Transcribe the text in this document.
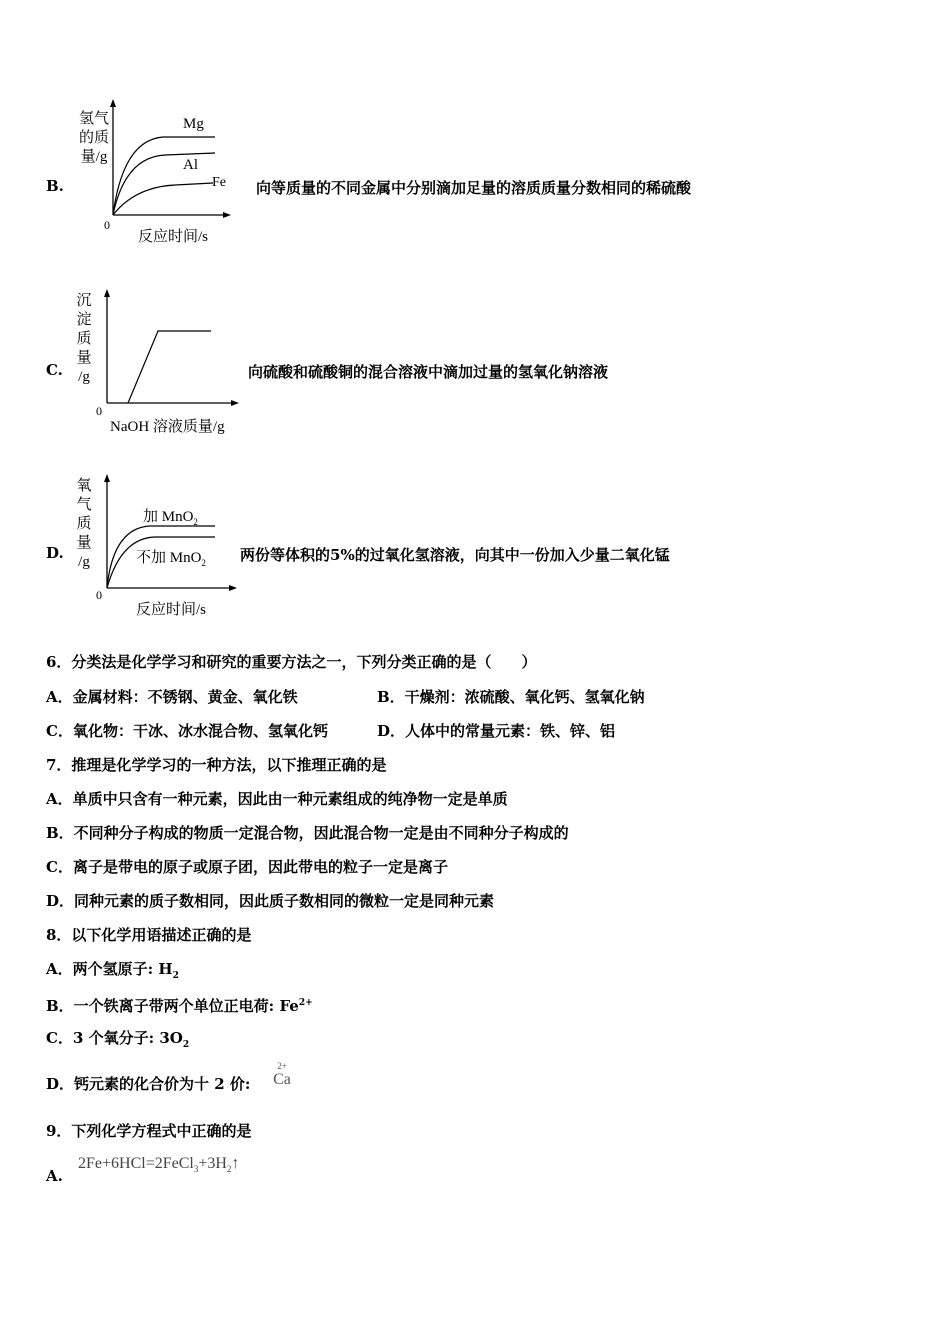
B.
氢气
的质
量/g
0
Mg
Al
Fe
反应时间/s
向等质量的不同金属中分别滴加足量的溶质质量分数相同的稀硫酸
C.
沉
淀
质
量
/g
0
NaOH 溶液质量/g
向硫酸和硫酸铜的混合溶液中滴加过量的氢氧化钠溶液
D.
氧
气
质
量
/g
0
加 MnO$_2$
不加 MnO$_2$
反应时间/s
两份等体积的5%的过氧化氢溶液，向其中一份加入少量二氧化锰
6．分类法是化学学习和研究的重要方法之一，下列分类正确的是（　　）
A．金属材料：不锈钢、黄金、氧化铁	B．干燥剂：浓硫酸、氧化钙、氢氧化钠
C．氧化物：干冰、冰水混合物、氢氧化钙	D．人体中的常量元素：铁、锌、铝
7．推理是化学学习的一种方法，以下推理正确的是
A．单质中只含有一种元素，因此由一种元素组成的纯净物一定是单质
B．不同种分子构成的物质一定混合物，因此混合物一定是由不同种分子构成的
C．离子是带电的原子或原子团，因此带电的粒子一定是离子
D．同种元素的质子数相同，因此质子数相同的微粒一定是同种元素
8．以下化学用语描述正确的是
A．两个氢原子: $H_2$
B．一个铁离子带两个单位正电荷: $Fe^{2+}$
C．3 个氧分子: $3O_2$
D．钙元素的化合价为十 2 价:
2+
Ca
9．下列化学方程式中正确的是
A.
$2Fe+6HCl=2FeCl_3+3H_2↑$
